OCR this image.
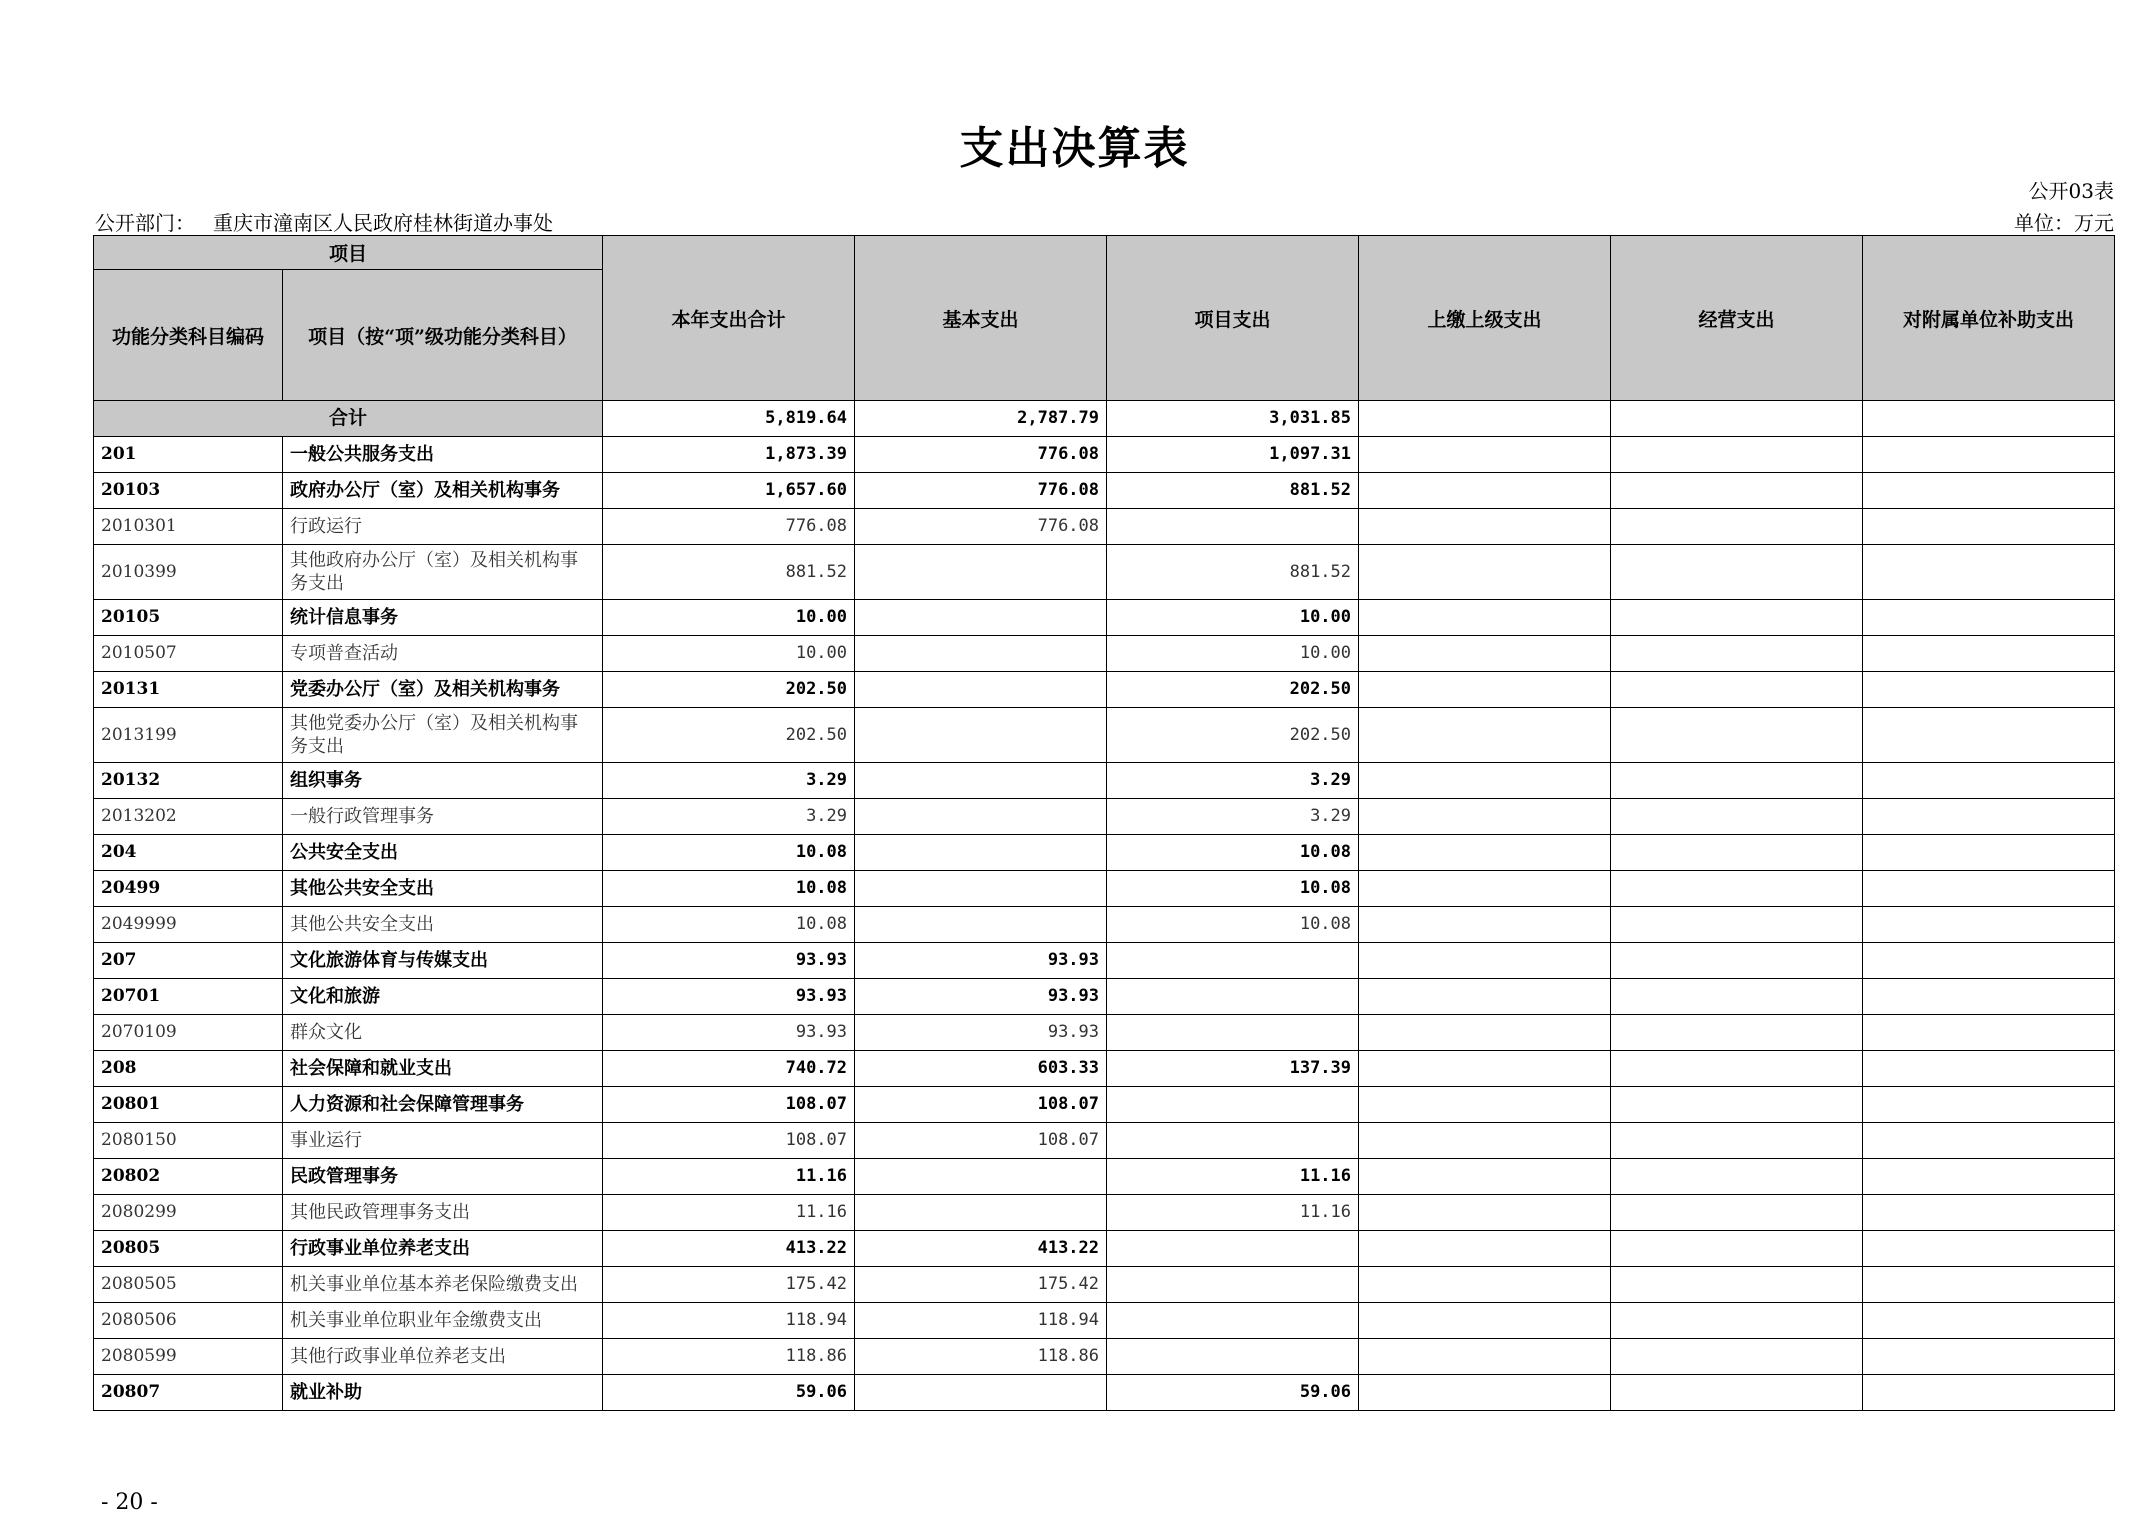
支出决算表
公开03表
公开部门： 重庆市潼南区人民政府桂林街道办事处	单位：万元
项目		本年支出合计	基本支出	项目支出	上缴上级支出	经营支出	对附属单位补助支出
功能分类科目编码	项目（按“项”级功能分类科目）						
合计		5,819.64	2,787.79	3,031.85			
201	一般公共服务支出	1,873.39	776.08	1,097.31			
20103	政府办公厅（室）及相关机构事务	1,657.60	776.08	881.52			
2010301	行政运行	776.08	776.08				
2010399	其他政府办公厅（室）及相关机构事务支出	881.52		881.52			
20105	统计信息事务	10.00		10.00			
2010507	专项普查活动	10.00		10.00			
20131	党委办公厅（室）及相关机构事务	202.50		202.50			
2013199	其他党委办公厅（室）及相关机构事务支出	202.50		202.50			
20132	组织事务	3.29		3.29			
2013202	一般行政管理事务	3.29		3.29			
204	公共安全支出	10.08		10.08			
20499	其他公共安全支出	10.08		10.08			
2049999	其他公共安全支出	10.08		10.08			
207	文化旅游体育与传媒支出	93.93	93.93				
20701	文化和旅游	93.93	93.93				
2070109	群众文化	93.93	93.93				
208	社会保障和就业支出	740.72	603.33	137.39			
20801	人力资源和社会保障管理事务	108.07	108.07				
2080150	事业运行	108.07	108.07				
20802	民政管理事务	11.16		11.16			
2080299	其他民政管理事务支出	11.16		11.16			
20805	行政事业单位养老支出	413.22	413.22				
2080505	机关事业单位基本养老保险缴费支出	175.42	175.42				
2080506	机关事业单位职业年金缴费支出	118.94	118.94				
2080599	其他行政事业单位养老支出	118.86	118.86				
20807	就业补助	59.06		59.06			
- 20 -
